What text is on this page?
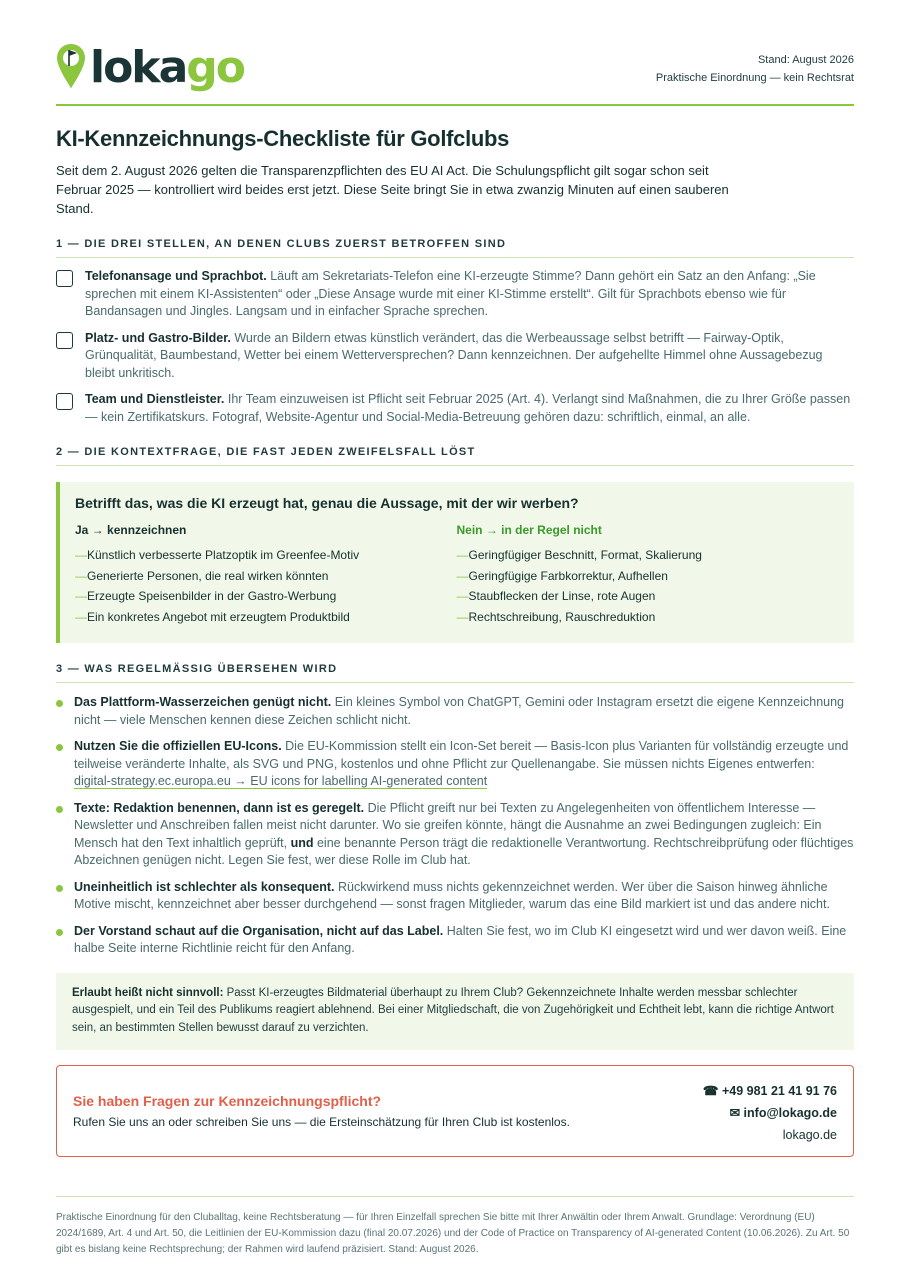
lokago	Stand: August 2026
Praktische Einordnung — kein Rechtsrat
KI-Kennzeichnungs-Checkliste für Golfclubs

Seit dem 2. August 2026 gelten die Transparenzpflichten des EU AI Act. Die Schulungspflicht gilt sogar schon seit Februar 2025 — kontrolliert wird beides erst jetzt. Diese Seite bringt Sie in etwa zwanzig Minuten auf einen sauberen Stand.

1 — DIE DREI STELLEN, AN DENEN CLUBS ZUERST BETROFFEN SIND
Telefonansage und Sprachbot. Läuft am Sekretariats-Telefon eine KI-erzeugte Stimme? Dann gehört ein Satz an den Anfang: „Sie sprechen mit einem KI-Assistenten“ oder „Diese Ansage wurde mit einer KI-Stimme erstellt“. Gilt für Sprachbots ebenso wie für Bandansagen und Jingles. Langsam und in einfacher Sprache sprechen.
Platz- und Gastro-Bilder. Wurde an Bildern etwas künstlich verändert, das die Werbeaussage selbst betrifft — Fairway-Optik, Grünqualität, Baumbestand, Wetter bei einem Wetterversprechen? Dann kennzeichnen. Der aufgehellte Himmel ohne Aussagebezug bleibt unkritisch.
Team und Dienstleister. Ihr Team einzuweisen ist Pflicht seit Februar 2025 (Art. 4). Verlangt sind Maßnahmen, die zu Ihrer Größe passen — kein Zertifikatskurs. Fotograf, Website-Agentur und Social-Media-Betreuung gehören dazu: schriftlich, einmal, an alle.
2 — DIE KONTEXTFRAGE, DIE FAST JEDEN ZWEIFELSFALL LÖST
Betrifft das, was die KI erzeugt hat, genau die Aussage, mit der wir werben?
Ja → kennzeichnen
—Künstlich verbesserte Platzoptik im Greenfee-Motiv
—Generierte Personen, die real wirken könnten
—Erzeugte Speisenbilder in der Gastro-Werbung
—Ein konkretes Angebot mit erzeugtem Produktbild
Nein → in der Regel nicht
—Geringfügiger Beschnitt, Format, Skalierung
—Geringfügige Farbkorrektur, Aufhellen
—Staubflecken der Linse, rote Augen
—Rechtschreibung, Rauschreduktion
3 — WAS REGELMÄSSIG ÜBERSEHEN WIRD
Das Plattform-Wasserzeichen genügt nicht. Ein kleines Symbol von ChatGPT, Gemini oder Instagram ersetzt die eigene Kennzeichnung nicht — viele Menschen kennen diese Zeichen schlicht nicht.
Nutzen Sie die offiziellen EU-Icons. Die EU-Kommission stellt ein Icon-Set bereit — Basis-Icon plus Varianten für vollständig erzeugte und teilweise veränderte Inhalte, als SVG und PNG, kostenlos und ohne Pflicht zur Quellenangabe. Sie müssen nichts Eigenes entwerfen: digital-strategy.ec.europa.eu → EU icons for labelling AI-generated content
Texte: Redaktion benennen, dann ist es geregelt. Die Pflicht greift nur bei Texten zu Angelegenheiten von öffentlichem Interesse — Newsletter und Anschreiben fallen meist nicht darunter. Wo sie greifen könnte, hängt die Ausnahme an zwei Bedingungen zugleich: Ein Mensch hat den Text inhaltlich geprüft, und eine benannte Person trägt die redaktionelle Verantwortung. Rechtschreibprüfung oder flüchtiges Abzeichnen genügen nicht. Legen Sie fest, wer diese Rolle im Club hat.
Uneinheitlich ist schlechter als konsequent. Rückwirkend muss nichts gekennzeichnet werden. Wer über die Saison hinweg ähnliche Motive mischt, kennzeichnet aber besser durchgehend — sonst fragen Mitglieder, warum das eine Bild markiert ist und das andere nicht.
Der Vorstand schaut auf die Organisation, nicht auf das Label. Halten Sie fest, wo im Club KI eingesetzt wird und wer davon weiß. Eine halbe Seite interne Richtlinie reicht für den Anfang.
Erlaubt heißt nicht sinnvoll: Passt KI-erzeugtes Bildmaterial überhaupt zu Ihrem Club? Gekennzeichnete Inhalte werden messbar schlechter ausgespielt, und ein Teil des Publikums reagiert ablehnend. Bei einer Mitgliedschaft, die von Zugehörigkeit und Echtheit lebt, kann die richtige Antwort sein, an bestimmten Stellen bewusst darauf zu verzichten.
Sie haben Fragen zur Kennzeichnungspflicht?
Rufen Sie uns an oder schreiben Sie uns — die Ersteinschätzung für Ihren Club ist kostenlos.
☎ +49 981 21 41 91 76
✉ info@lokago.de
lokago.de
Praktische Einordnung für den Cluballtag, keine Rechtsberatung — für Ihren Einzelfall sprechen Sie bitte mit Ihrer Anwältin oder Ihrem Anwalt. Grundlage: Verordnung (EU) 2024/1689, Art. 4 und Art. 50, die Leitlinien der EU-Kommission dazu (final 20.07.2026) und der Code of Practice on Transparency of AI-generated Content (10.06.2026). Zu Art. 50 gibt es bislang keine Rechtsprechung; der Rahmen wird laufend präzisiert. Stand: August 2026.
